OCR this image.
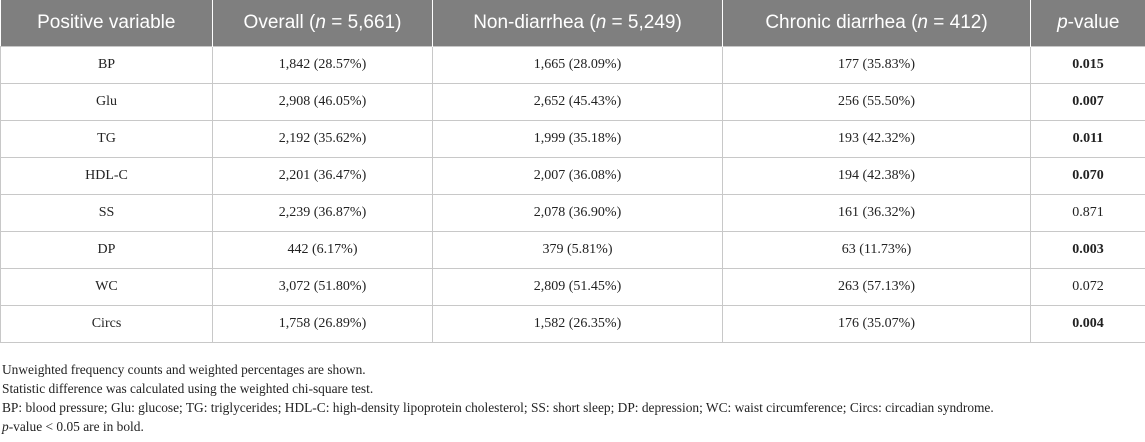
Positive variable	Overall (n = 5,661)	Non-diarrhea (n = 5,249)	Chronic diarrhea (n = 412)	p-value
BP	1,842 (28.57%)	1,665 (28.09%)	177 (35.83%)	0.015
Glu	2,908 (46.05%)	2,652 (45.43%)	256 (55.50%)	0.007
TG	2,192 (35.62%)	1,999 (35.18%)	193 (42.32%)	0.011
HDL-C	2,201 (36.47%)	2,007 (36.08%)	194 (42.38%)	0.070
SS	2,239 (36.87%)	2,078 (36.90%)	161 (36.32%)	0.871
DP	442 (6.17%)	379 (5.81%)	63 (11.73%)	0.003
WC	3,072 (51.80%)	2,809 (51.45%)	263 (57.13%)	0.072
Circs	1,758 (26.89%)	1,582 (26.35%)	176 (35.07%)	0.004
Unweighted frequency counts and weighted percentages are shown.
Statistic difference was calculated using the weighted chi-square test.
BP: blood pressure; Glu: glucose; TG: triglycerides; HDL-C: high-density lipoprotein cholesterol; SS: short sleep; DP: depression; WC: waist circumference; Circs: circadian syndrome.
p-value < 0.05 are in bold.
